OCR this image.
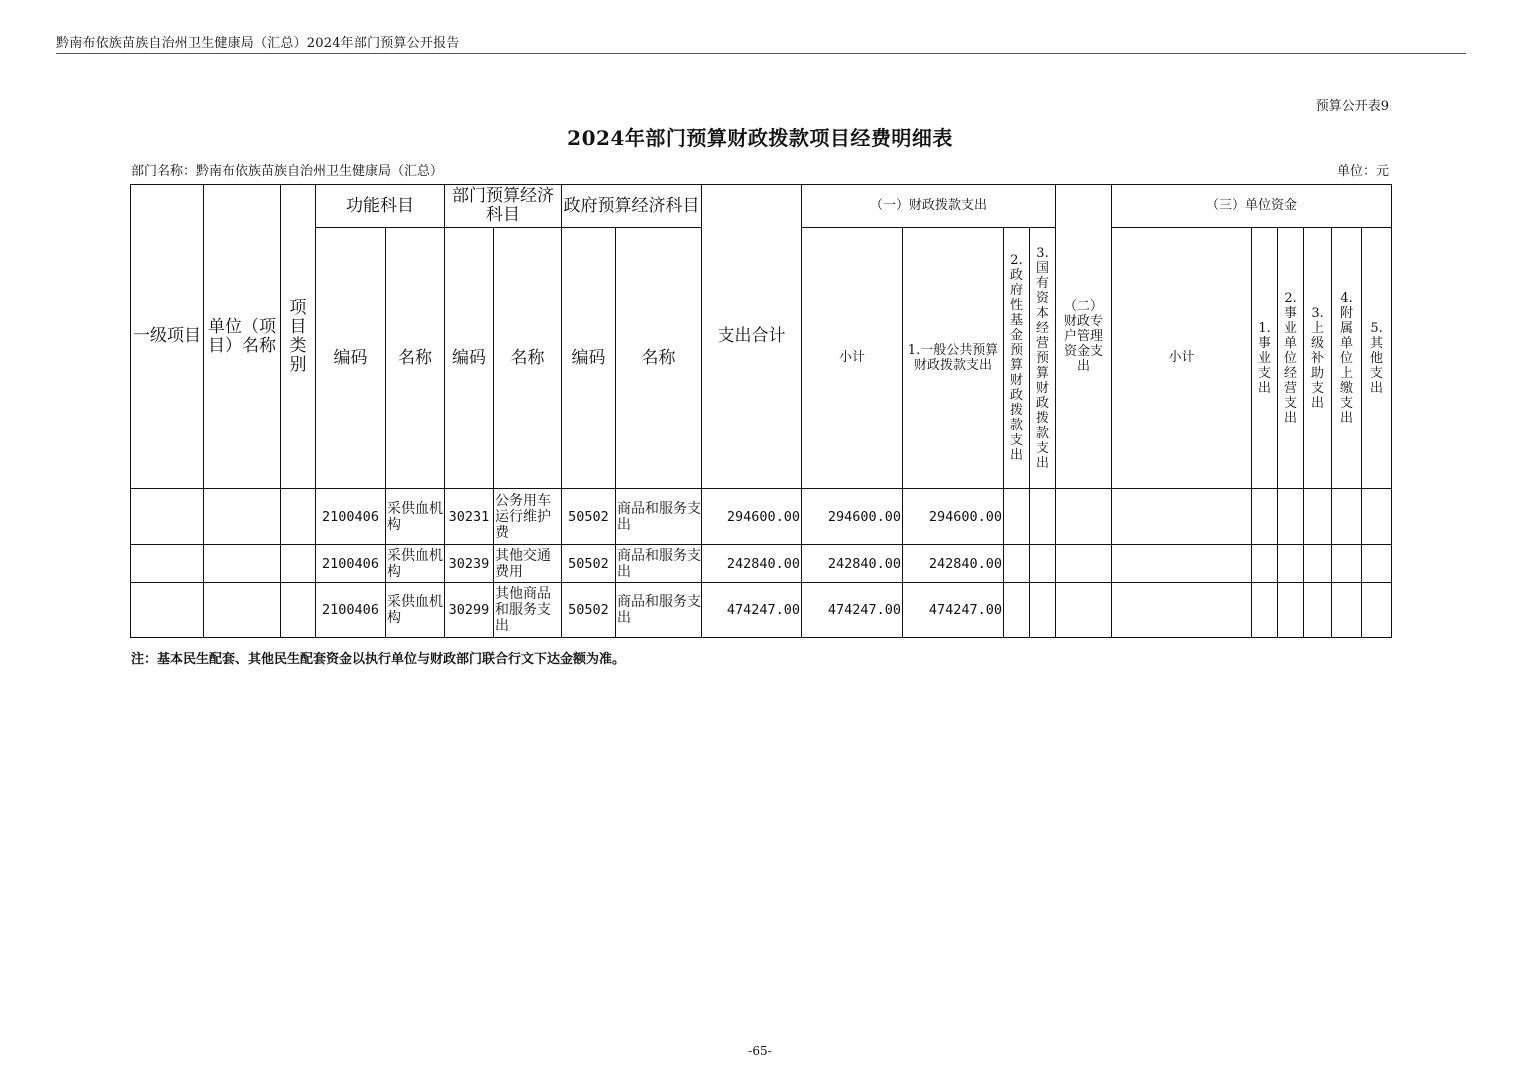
黔南布依族苗族自治州卫生健康局（汇总）2024年部门预算公开报告
预算公开表9
2024年部门预算财政拨款项目经费明细表
部门名称：黔南布依族苗族自治州卫生健康局（汇总）	单位：元
一级项目	单位（项目）名称	项目类别	功能科目		部门预算经济科目		政府预算经济科目		支出合计	（一）财政拨款支出				（二）财政专户管理资金支出	（三）单位资金					
			编码	名称	编码	名称	编码	名称		小计	1.一般公共预算财政拨款支出	2.政府性基金预算财政拨款支出	3.国有资本经营预算财政拨款支出		小计	1.事业支出	2.事业单位经营支出	3.上级补助支出	4.附属单位上缴支出	5.其他支出
			2100406	采供血机构	30231	公务用车运行维护费	50502	商品和服务支出	294600.00	294600.00	294600.00									
			2100406	采供血机构	30239	其他交通费用	50502	商品和服务支出	242840.00	242840.00	242840.00									
			2100406	采供血机构	30299	其他商品和服务支出	50502	商品和服务支出	474247.00	474247.00	474247.00									
注：基本民生配套、其他民生配套资金以执行单位与财政部门联合行文下达金额为准。
-65-
